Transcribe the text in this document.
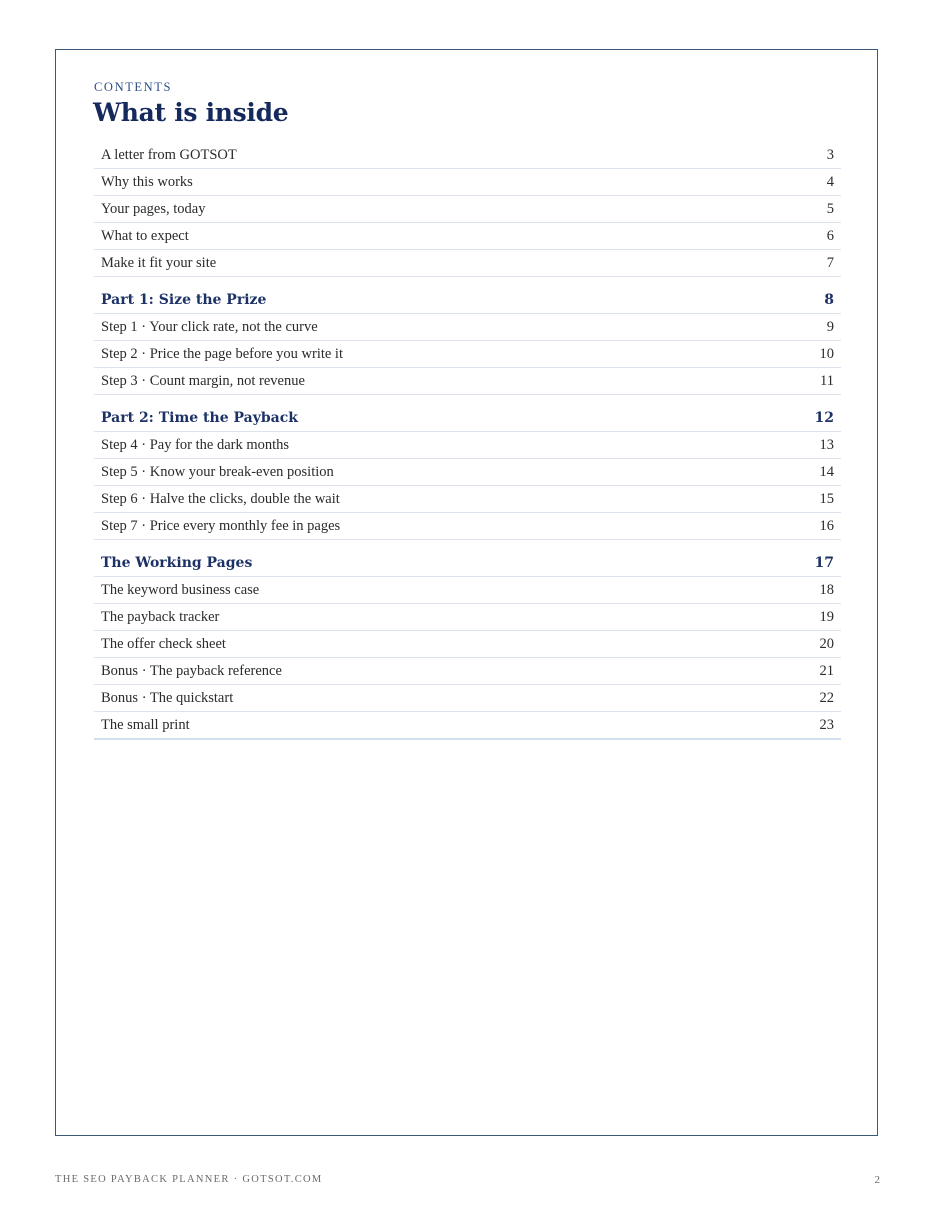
CONTENTS
What is inside
A letter from GOTSOT	3
Why this works	4
Your pages, today	5
What to expect	6
Make it fit your site	7
Part 1: Size the Prize	8
Step 1 · Your click rate, not the curve	9
Step 2 · Price the page before you write it	10
Step 3 · Count margin, not revenue	11
Part 2: Time the Payback	12
Step 4 · Pay for the dark months	13
Step 5 · Know your break-even position	14
Step 6 · Halve the clicks, double the wait	15
Step 7 · Price every monthly fee in pages	16
The Working Pages	17
The keyword business case	18
The payback tracker	19
The offer check sheet	20
Bonus · The payback reference	21
Bonus · The quickstart	22
The small print	23
THE SEO PAYBACK PLANNER · GOTSOT.COM	2
